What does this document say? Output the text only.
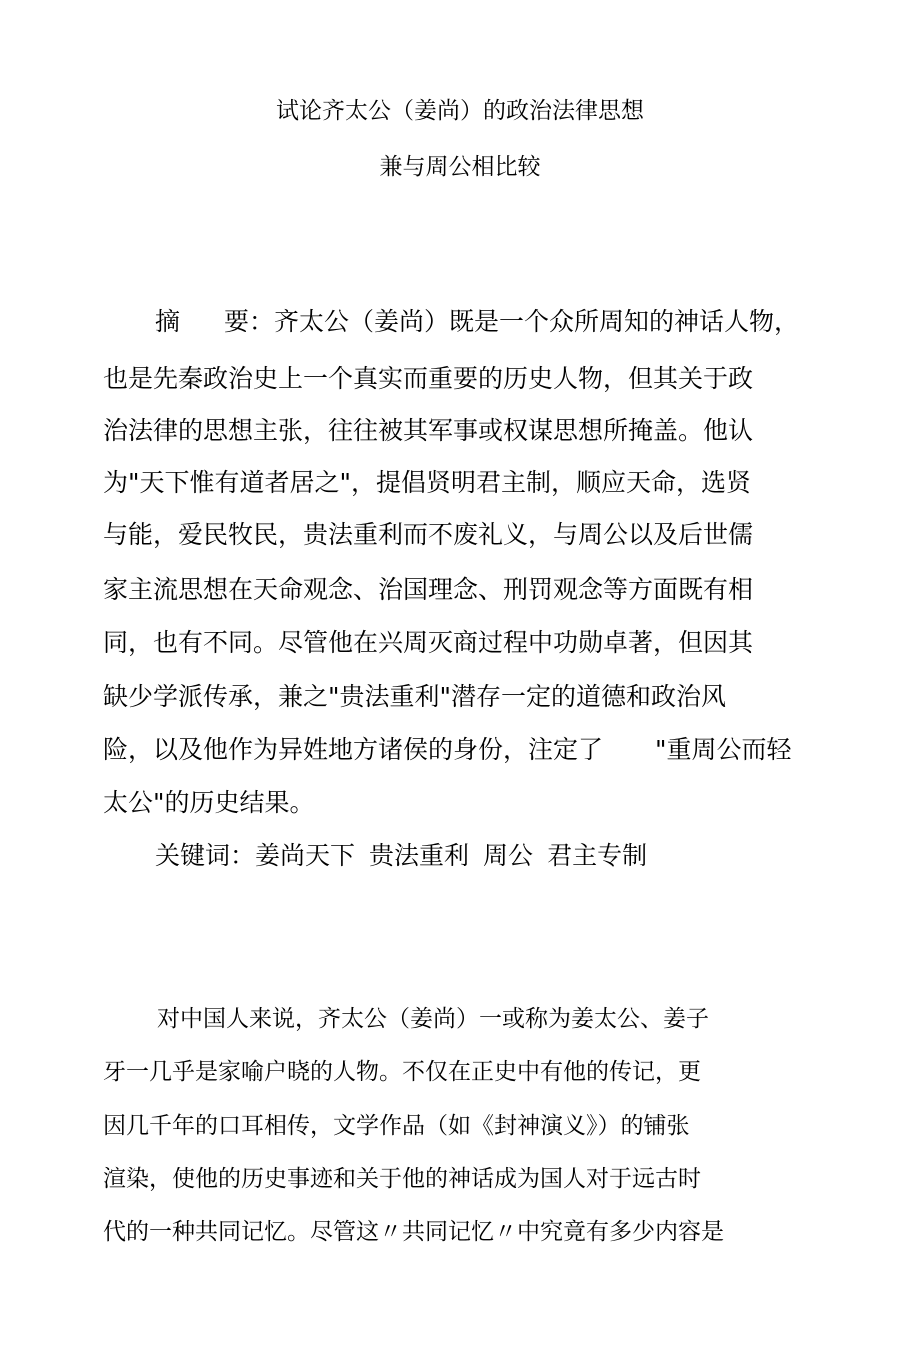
试论齐太公（姜尚）的政治法律思想
兼与周公相比较
摘 要：齐太公（姜尚）既是一个众所周知的神话人物，
也是先秦政治史上一个真实而重要的历史人物，但其关于政
治法律的思想主张，往往被其军事或权谋思想所掩盖。他认
为"天下惟有道者居之"，提倡贤明君主制，顺应天命，选贤
与能，爱民牧民，贵法重利而不废礼义，与周公以及后世儒
家主流思想在天命观念、治国理念、刑罚观念等方面既有相
同，也有不同。尽管他在兴周灭商过程中功勋卓著，但因其
缺少学派传承，兼之"贵法重利"潜存一定的道德和政治风
险，以及他作为异姓地方诸侯的身份，注定了 "重周公而轻
太公"的历史结果。
关键词：姜尚天下 贵法重利 周公 君主专制
对中国人来说，齐太公（姜尚）一或称为姜太公、姜子
牙一几乎是家喻户晓的人物。不仅在正史中有他的传记，更
因几千年的口耳相传，文学作品（如《封神演义》）的铺张
渲染，使他的历史事迹和关于他的神话成为国人对于远古时
代的一种共同记忆。尽管这〃共同记忆〃中究竟有多少内容是
